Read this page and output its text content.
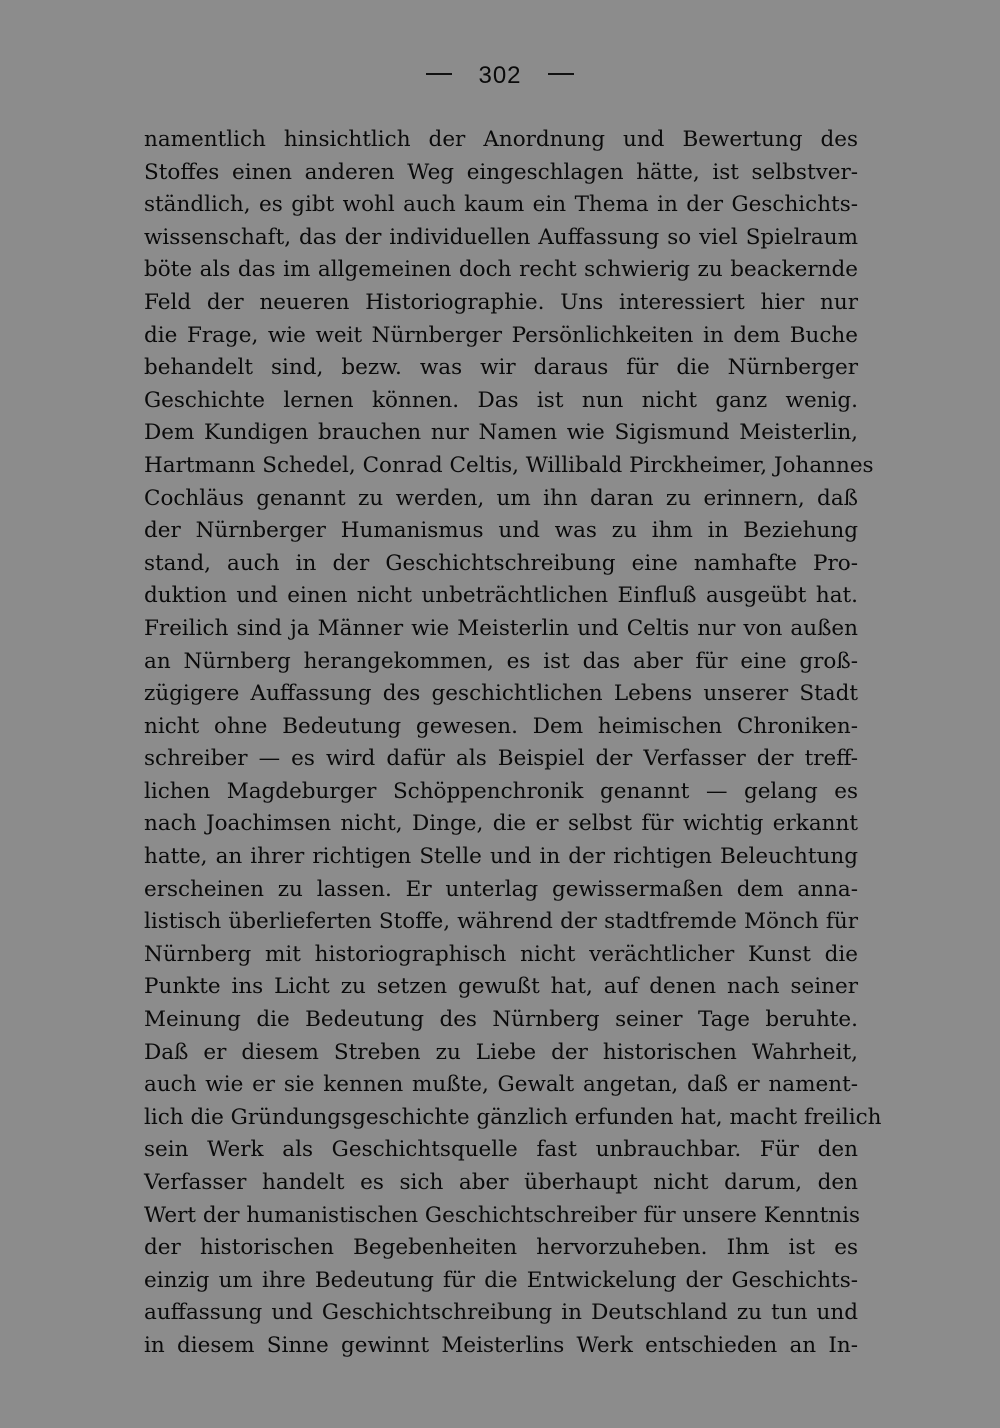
302
namentlich hinsichtlich der Anordnung und Bewertung des
Stoffes einen anderen Weg eingeschlagen hätte, ist selbstver-
ständlich, es gibt wohl auch kaum ein Thema in der Geschichts-
wissenschaft, das der individuellen Auffassung so viel Spielraum
böte als das im allgemeinen doch recht schwierig zu beackernde
Feld der neueren Historiographie. Uns interessiert hier nur
die Frage, wie weit Nürnberger Persönlichkeiten in dem Buche
behandelt sind, bezw. was wir daraus für die Nürnberger
Geschichte lernen können. Das ist nun nicht ganz wenig.
Dem Kundigen brauchen nur Namen wie Sigismund Meisterlin,
Hartmann Schedel, Conrad Celtis, Willibald Pirckheimer, Johannes
Cochläus genannt zu werden, um ihn daran zu erinnern, daß
der Nürnberger Humanismus und was zu ihm in Beziehung
stand, auch in der Geschichtschreibung eine namhafte Pro-
duktion und einen nicht unbeträchtlichen Einfluß ausgeübt hat.
Freilich sind ja Männer wie Meisterlin und Celtis nur von außen
an Nürnberg herangekommen, es ist das aber für eine groß-
zügigere Auffassung des geschichtlichen Lebens unserer Stadt
nicht ohne Bedeutung gewesen. Dem heimischen Chroniken-
schreiber — es wird dafür als Beispiel der Verfasser der treff-
lichen Magdeburger Schöppenchronik genannt — gelang es
nach Joachimsen nicht, Dinge, die er selbst für wichtig erkannt
hatte, an ihrer richtigen Stelle und in der richtigen Beleuchtung
erscheinen zu lassen. Er unterlag gewissermaßen dem anna-
listisch überlieferten Stoffe, während der stadtfremde Mönch für
Nürnberg mit historiographisch nicht verächtlicher Kunst die
Punkte ins Licht zu setzen gewußt hat, auf denen nach seiner
Meinung die Bedeutung des Nürnberg seiner Tage beruhte.
Daß er diesem Streben zu Liebe der historischen Wahrheit,
auch wie er sie kennen mußte, Gewalt angetan, daß er nament-
lich die Gründungsgeschichte gänzlich erfunden hat, macht freilich
sein Werk als Geschichtsquelle fast unbrauchbar. Für den
Verfasser handelt es sich aber überhaupt nicht darum, den
Wert der humanistischen Geschichtschreiber für unsere Kenntnis
der historischen Begebenheiten hervorzuheben. Ihm ist es
einzig um ihre Bedeutung für die Entwickelung der Geschichts-
auffassung und Geschichtschreibung in Deutschland zu tun und
in diesem Sinne gewinnt Meisterlins Werk entschieden an In-
